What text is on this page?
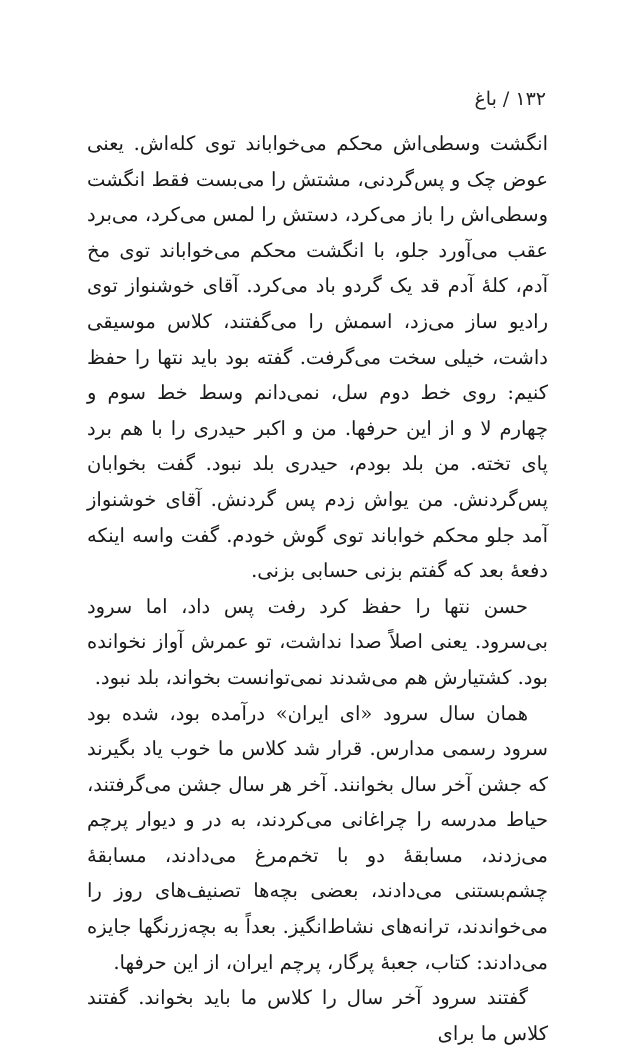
۱۳۲ / باغ

انگشت وسطی‌اش محکم می‌خواباند توی کله‌اش. یعنی عوض چک و پس‌گردنی، مشتش را می‌بست فقط انگشت وسطی‌اش را باز می‌کرد، دستش را لمس می‌کرد، می‌برد عقب می‌آورد جلو، با انگشت محکم می‌خواباند توی مخ آدم، کلهٔ آدم قد یک گردو باد می‌کرد. آقای خوشنواز توی رادیو ساز می‌زد، اسمش را می‌گفتند، کلاس موسیقی داشت، خیلی سخت می‌گرفت. گفته بود باید نتها را حفظ کنیم: روی خط دوم سل، نمی‌دانم وسط خط سوم و چهارم لا و از این حرفها. من و اکبر حیدری را با هم برد پای تخته. من بلد بودم، حیدری بلد نبود. گفت بخوابان پس‌گردنش. من یواش زدم پس گردنش. آقای خوشنواز آمد جلو محکم خواباند توی گوش خودم. گفت واسه اینکه دفعهٔ بعد که گفتم بزنی حسابی بزنی.

حسن نتها را حفظ کرد رفت پس داد، اما سرود بی‌سرود. یعنی اصلاً صدا نداشت، تو عمرش آواز نخوانده بود. کشتیارش هم می‌شدند نمی‌توانست بخواند، بلد نبود.

همان سال سرود «ای ایران» درآمده بود، شده بود سرود رسمی مدارس. قرار شد کلاس ما خوب یاد بگیرند که جشن آخر سال بخوانند. آخر هر سال جشن می‌گرفتند، حیاط مدرسه را چراغانی می‌کردند، به در و دیوار پرچم می‌زدند، مسابقهٔ دو با تخم‌مرغ می‌دادند، مسابقهٔ چشم‌بستنی می‌دادند، بعضی بچه‌ها تصنیف‌های روز را می‌خواندند، ترانه‌های نشاط‌انگیز. بعداً به بچه‌زرنگها جایزه می‌دادند: کتاب، جعبهٔ پرگار، پرچم ایران، از این حرفها.

گفتند سرود آخر سال را کلاس ما باید بخواند. گفتند کلاس ما برای
